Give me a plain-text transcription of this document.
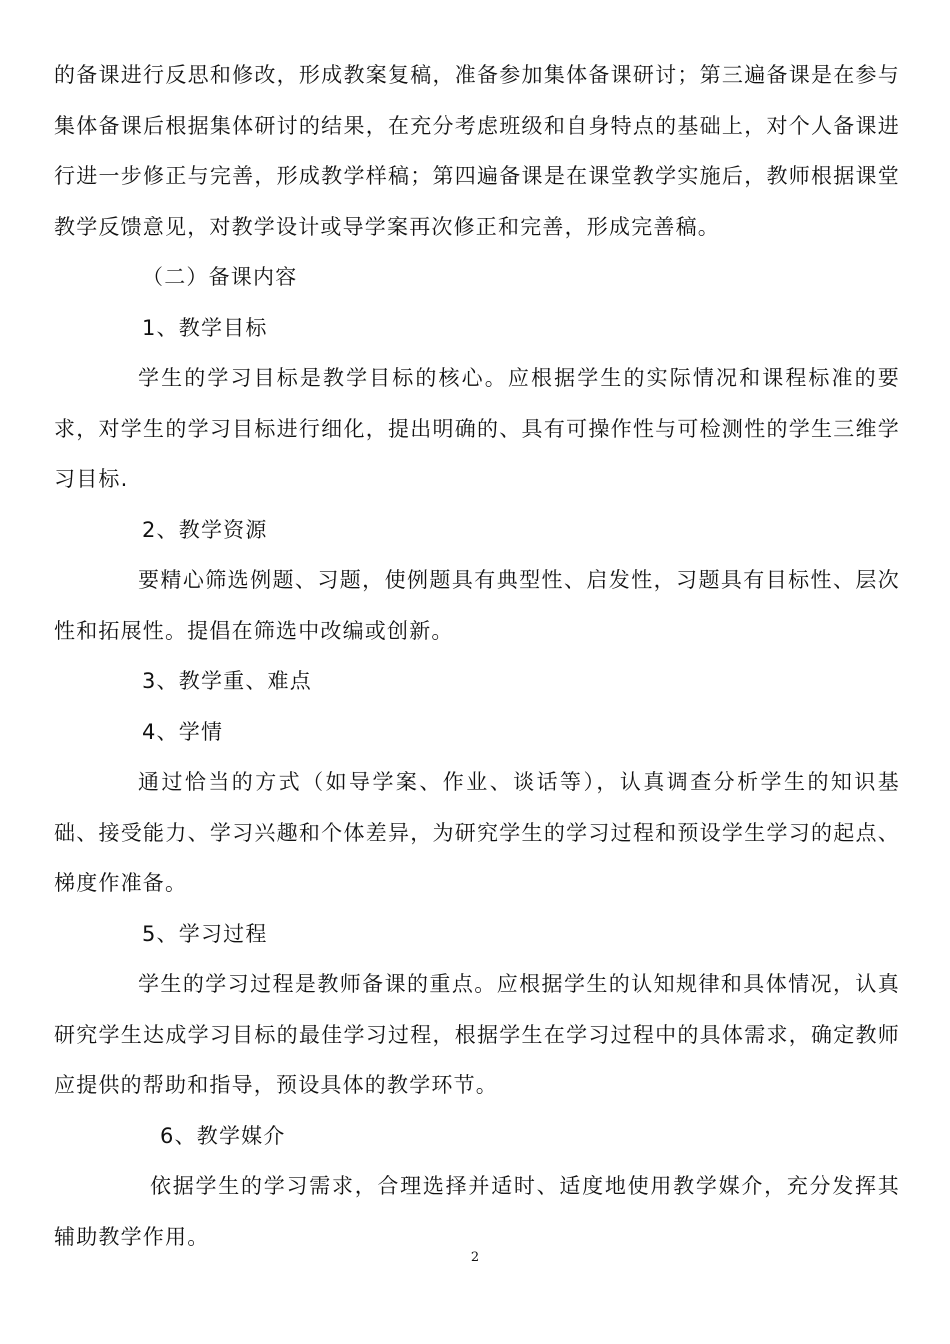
的备课进行反思和修改，形成教案复稿，准备参加集体备课研讨；第三遍备课是在参与集体备课后根据集体研讨的结果，在充分考虑班级和自身特点的基础上，对个人备课进行进一步修正与完善，形成教学样稿；第四遍备课是在课堂教学实施后，教师根据课堂教学反馈意见，对教学设计或导学案再次修正和完善，形成完善稿。

（二）备课内容

1、教学目标

学生的学习目标是教学目标的核心。应根据学生的实际情况和课程标准的要求，对学生的学习目标进行细化，提出明确的、具有可操作性与可检测性的学生三维学习目标.

2、教学资源

要精心筛选例题、习题，使例题具有典型性、启发性，习题具有目标性、层次性和拓展性。提倡在筛选中改编或创新。

3、教学重、难点

4、学情

通过恰当的方式（如导学案、作业、谈话等），认真调查分析学生的知识基础、接受能力、学习兴趣和个体差异，为研究学生的学习过程和预设学生学习的起点、梯度作准备。

5、学习过程

学生的学习过程是教师备课的重点。应根据学生的认知规律和具体情况，认真研究学生达成学习目标的最佳学习过程，根据学生在学习过程中的具体需求，确定教师应提供的帮助和指导，预设具体的教学环节。

6、教学媒介

依据学生的学习需求，合理选择并适时、适度地使用教学媒介，充分发挥其辅助教学作用。

2
